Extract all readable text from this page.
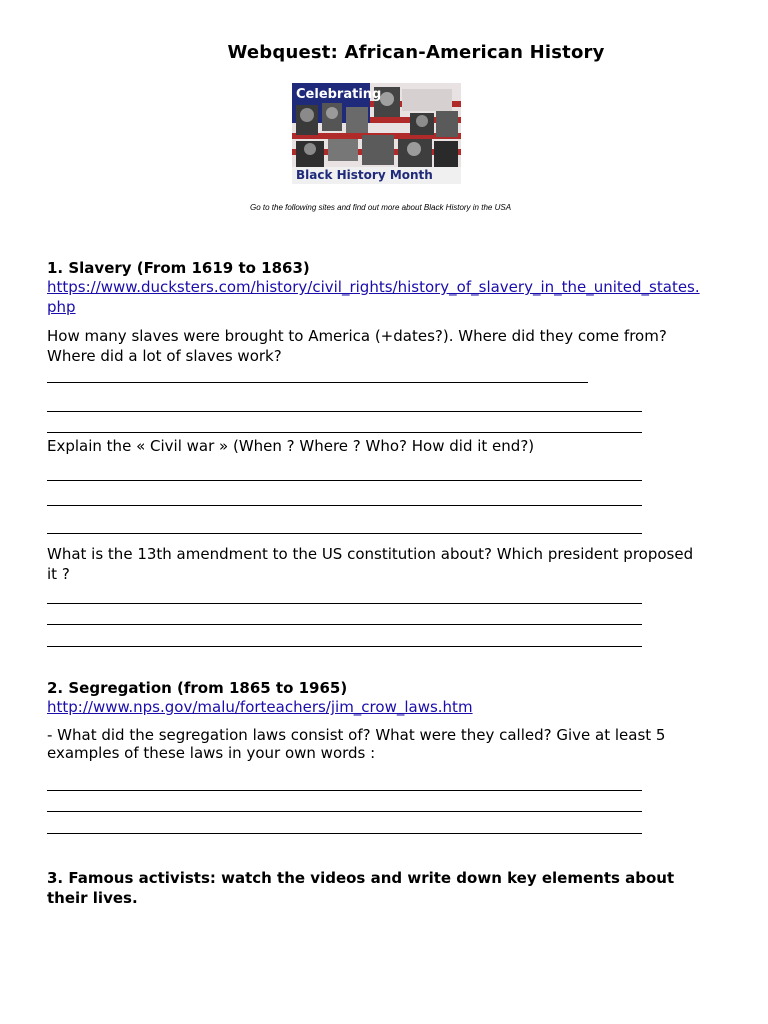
Webquest: African-American History
Celebrating
Black History Month
Go to the following sites and find out more about Black History in the USA
1. Slavery (From 1619 to 1863)
https://www.ducksters.com/history/civil_rights/history_of_slavery_in_the_united_states.
php
How many slaves were brought to America (+dates?). Where did they come from?
Where did a lot of slaves work?
Explain the « Civil war » (When ? Where ? Who? How did it end?)
What is the 13th amendment to the US constitution about? Which president proposed
it ?
2. Segregation (from 1865 to 1965)
http://www.nps.gov/malu/forteachers/jim_crow_laws.htm
- What did the segregation laws consist of? What were they called? Give at least 5
examples of these laws in your own words :
3. Famous activists: watch the videos and write down key elements about
their lives.
